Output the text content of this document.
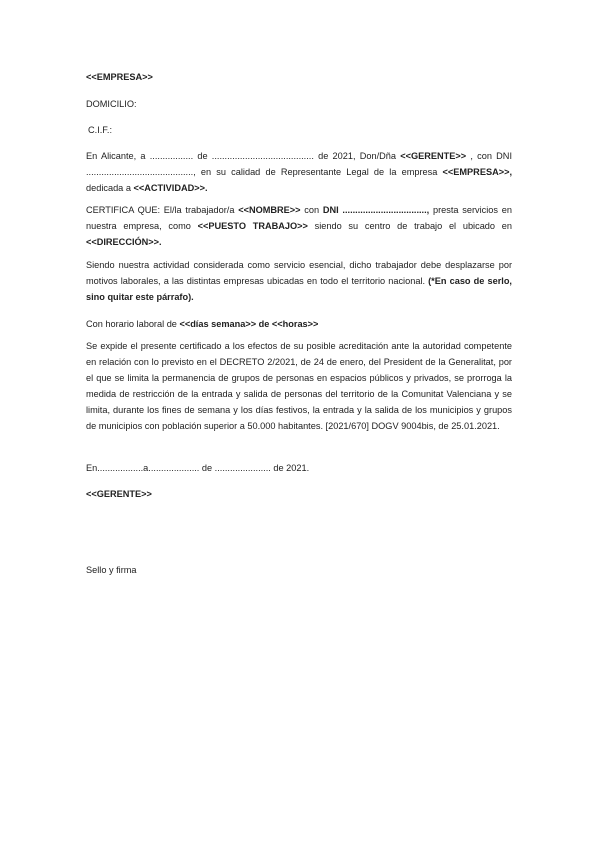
<<EMPRESA>>

DOMICILIO:

C.I.F.:

En Alicante, a ................. de ........................................ de 2021, Don/Dña <<GERENTE>> , con DNI .........................................., en su calidad de Representante Legal de la empresa <<EMPRESA>>, dedicada a <<ACTIVIDAD>>.

CERTIFICA QUE: El/la trabajador/a <<NOMBRE>> con DNI ................................., presta servicios en nuestra empresa, como <<PUESTO TRABAJO>> siendo su centro de trabajo el ubicado en <<DIRECCIÓN>>.

Siendo nuestra actividad considerada como servicio esencial, dicho trabajador debe desplazarse por motivos laborales, a las distintas empresas ubicadas en todo el territorio nacional. (*En caso de serlo, sino quitar este párrafo).

Con horario laboral de <<días semana>> de <<horas>>

Se expide el presente certificado a los efectos de su posible acreditación ante la autoridad competente en relación con lo previsto en el DECRETO 2/2021, de 24 de enero, del President de la Generalitat, por el que se limita la permanencia de grupos de personas en espacios públicos y privados, se prorroga la medida de restricción de la entrada y salida de personas del territorio de la Comunitat Valenciana y se limita, durante los fines de semana y los días festivos, la entrada y la salida de los municipios y grupos de municipios con población superior a 50.000 habitantes. [2021/670] DOGV 9004bis, de 25.01.2021.

En..................a.................... de ...................... de 2021.

<<GERENTE>>

Sello y firma
